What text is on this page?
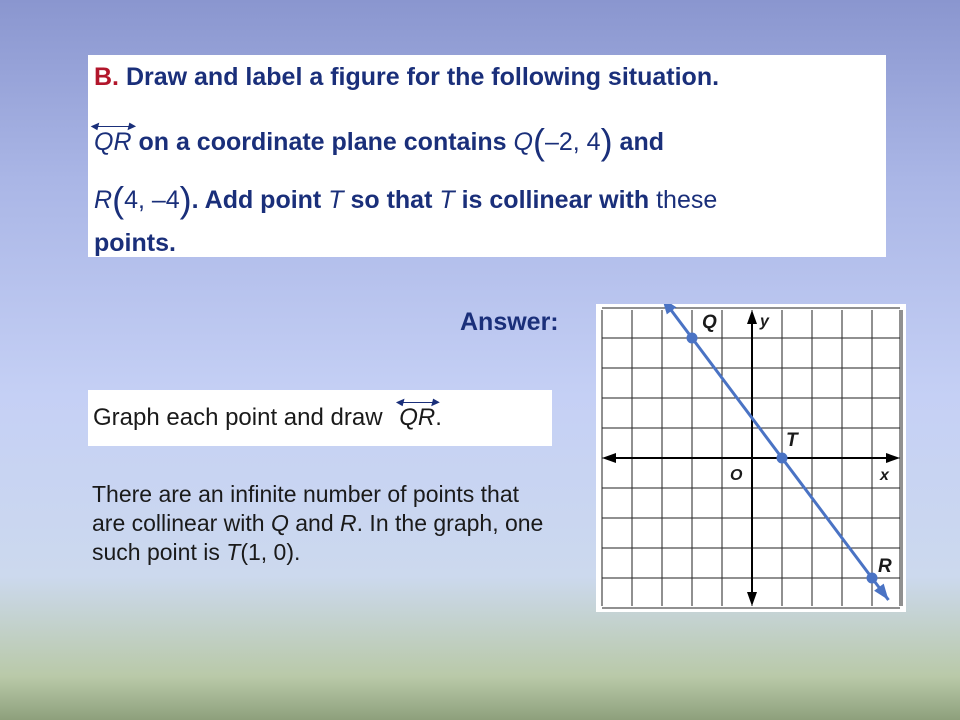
B. Draw and label a figure for the following situation.
◀
QR
▶
on a coordinate plane contains Q(–2, 4) and
R(4, –4). Add point T so that T is collinear with these
points.
Answer:
Graph each point and draw
◀
QR
▶
.
There are an infinite number of points that are collinear with Q and R. In the graph, one such point is T(1, 0).
Q
T
R
x
y
O
